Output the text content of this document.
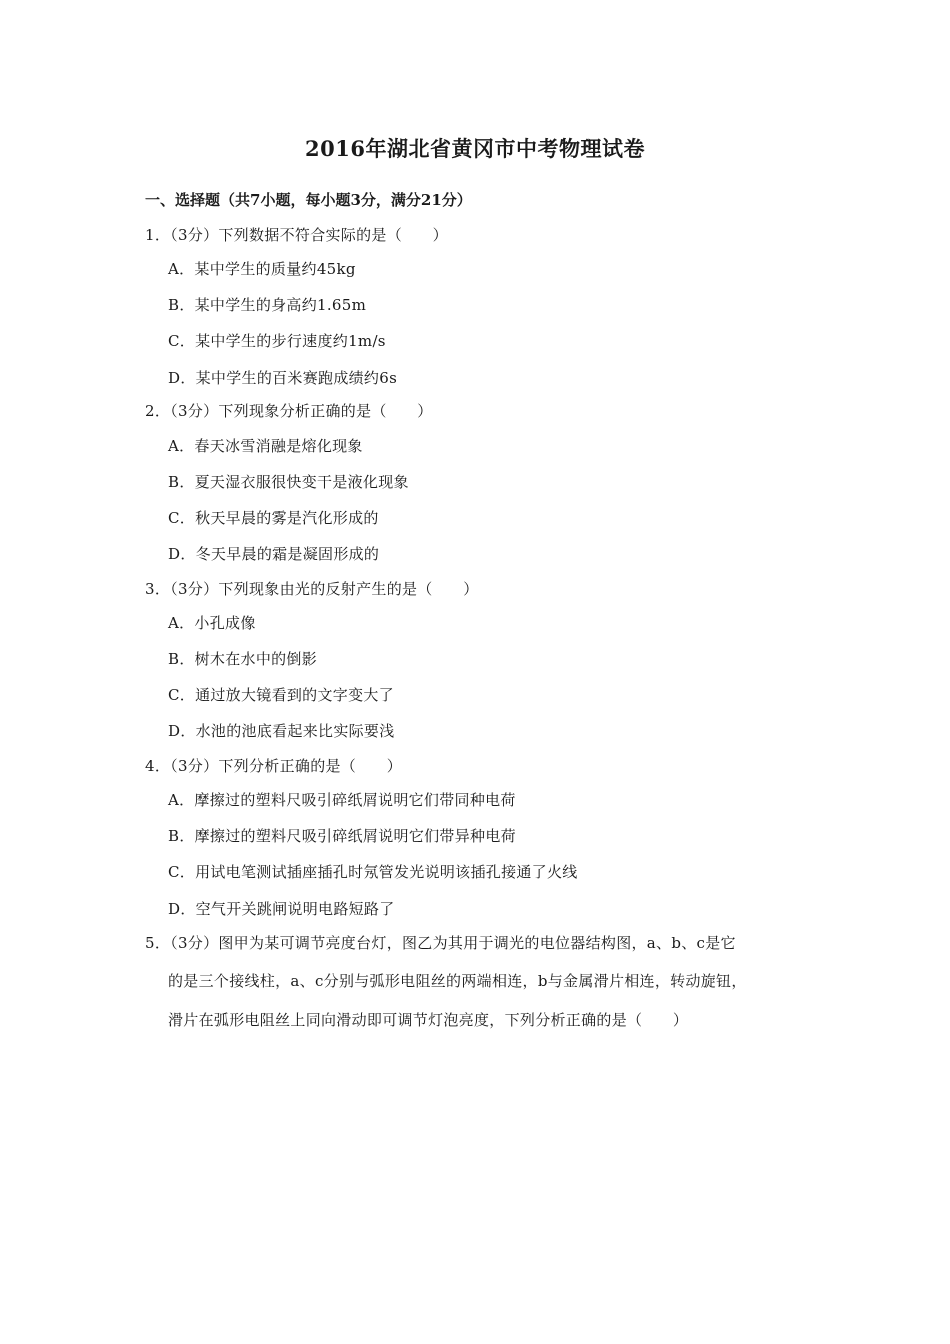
2016年湖北省黄冈市中考物理试卷
一、选择题（共7小题，每小题3分，满分21分）
1．（3分）下列数据不符合实际的是（　　）
A．某中学生的质量约45kg
B．某中学生的身高约1.65m
C．某中学生的步行速度约1m/s
D．某中学生的百米赛跑成绩约6s
2．（3分）下列现象分析正确的是（　　）
A．春天冰雪消融是熔化现象
B．夏天湿衣服很快变干是液化现象
C．秋天早晨的雾是汽化形成的
D．冬天早晨的霜是凝固形成的
3．（3分）下列现象由光的反射产生的是（　　）
A．小孔成像
B．树木在水中的倒影
C．通过放大镜看到的文字变大了
D．水池的池底看起来比实际要浅
4．（3分）下列分析正确的是（　　）
A．摩擦过的塑料尺吸引碎纸屑说明它们带同种电荷
B．摩擦过的塑料尺吸引碎纸屑说明它们带异种电荷
C．用试电笔测试插座插孔时氖管发光说明该插孔接通了火线
D．空气开关跳闸说明电路短路了
5．（3分）图甲为某可调节亮度台灯，图乙为其用于调光的电位器结构图，a、b、c是它
的是三个接线柱，a、c分别与弧形电阻丝的两端相连，b与金属滑片相连，转动旋钮，
滑片在弧形电阻丝上同向滑动即可调节灯泡亮度，下列分析正确的是（　　）
